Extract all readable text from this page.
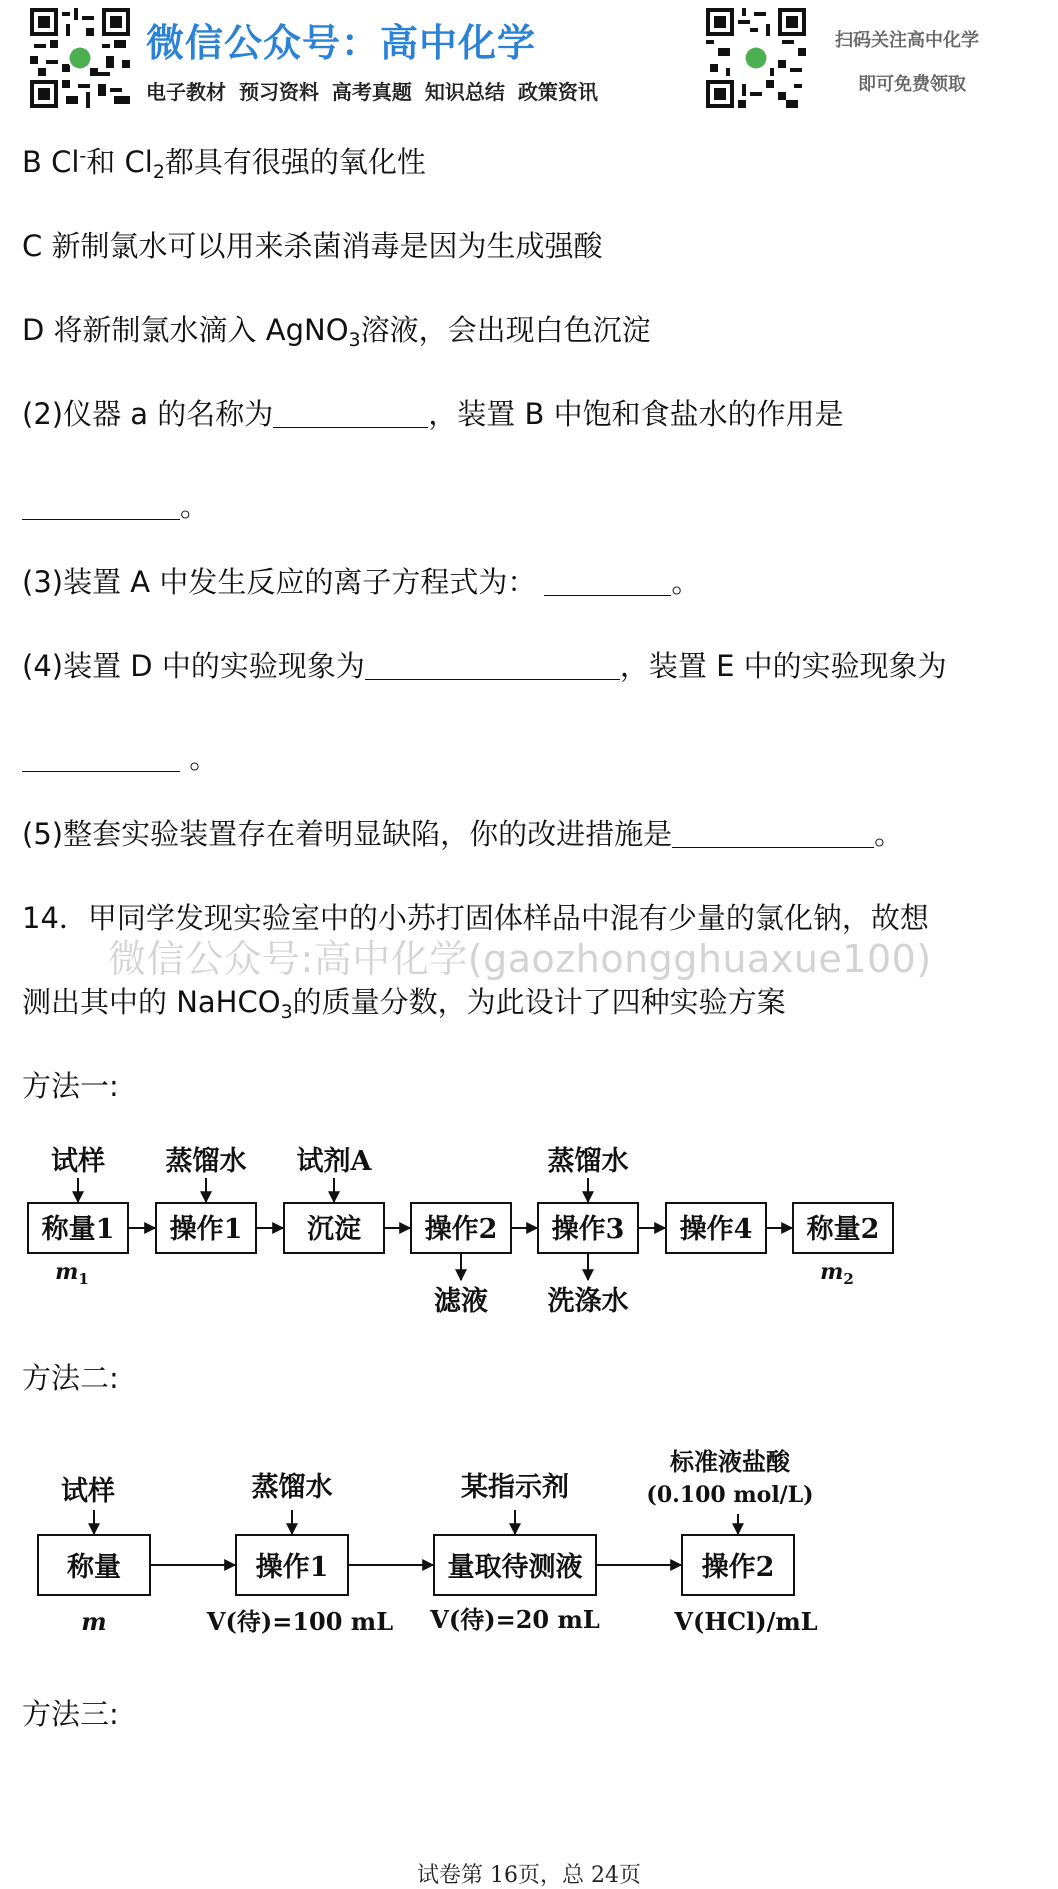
微信公众号：高中化学
电子教材 预习资料 高考真题 知识总结 政策资讯
扫码关注高中化学
即可免费领取
B Cl-和 $Cl_2$都具有很强的氧化性
C 新制氯水可以用来杀菌消毒是因为生成强酸
D 将新制氯水滴入 AgNO$_3$溶液，会出现白色沉淀
(2)仪器 a 的名称为	，装置 B 中饱和食盐水的作用是
。
(3)装置 A 中发生反应的离子方程式为：	。
(4)装置 D 中的实验现象为	，装置 E 中的实验现象为
。
(5)整套实验装置存在着明显缺陷，你的改进措施是	。
14．甲同学发现实验室中的小苏打固体样品中混有少量的氯化钠，故想
微信公众号:高中化学(gaozhongghuaxue100)
测出其中的 NaHCO$_3$的质量分数，为此设计了四种实验方案
方法一:
称量1 操作1 沉淀 操作2 操作3 操作4 称量2
试样 蒸馏水 试剂A	蒸馏水
滤液 洗涤水
$m_1$	$m_2$
方法二:
称量	操作1	量取待测液	操作2
试样	蒸馏水	某指示剂
标准液盐酸
(0.100 mol/L)
m	V(待)=100 mL V(待)=20 mL	V(HCl)/mL
方法三:
试卷第 16页，总 24页
